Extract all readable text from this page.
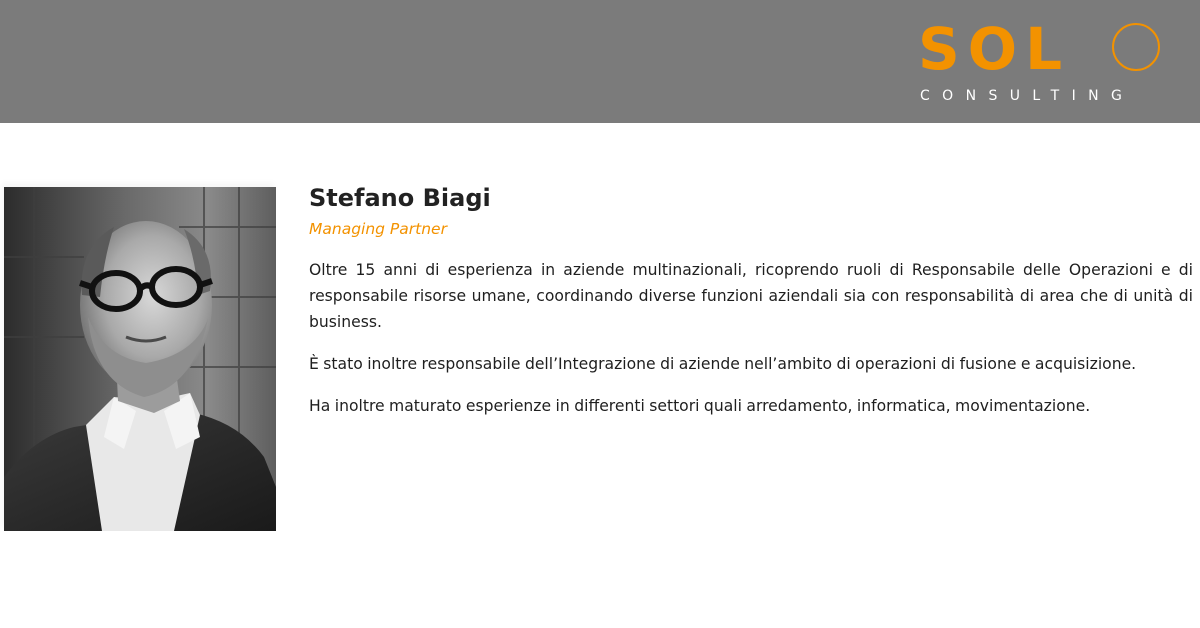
SOL
CONSULTING
Stefano Biagi

Managing Partner

Oltre 15 anni di esperienza in aziende multinazionali, ricoprendo ruoli di Responsabile delle Operazioni e di responsabile risorse umane, coordinando diverse funzioni aziendali sia con responsabilità di area che di unità di business.

È stato inoltre responsabile dell’Integrazione di aziende nell’ambito di operazioni di fusione e acquisizione.

Ha inoltre maturato esperienze in differenti settori quali arredamento, informatica, movimentazione.
